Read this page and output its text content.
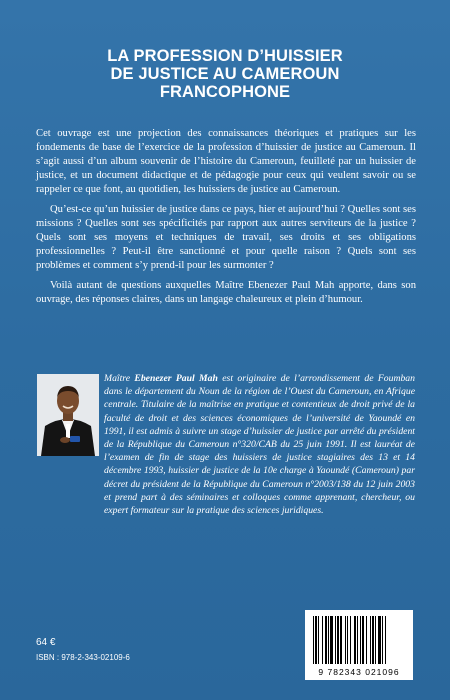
LA PROFESSION D’HUISSIER
DE JUSTICE AU CAMEROUN
FRANCOPHONE

Cet ouvrage est une projection des connaissances théoriques et pratiques sur les fondements de base de l’exercice de la profession d’huissier de justice au Cameroun. Il s’agit aussi d’un album souvenir de l’histoire du Cameroun, feuilleté par un huissier de justice, et un document didactique et de pédagogie pour ceux qui veulent savoir ou se rappeler ce que font, au quotidien, les huissiers de justice au Cameroun.

Qu’est-ce qu’un huissier de justice dans ce pays, hier et aujourd’hui ? Quelles sont ses missions ? Quelles sont ses spécificités par rapport aux autres serviteurs de la justice ? Quels sont ses moyens et techniques de travail, ses droits et ses obligations professionnelles ? Peut-il être sanctionné et pour quelle raison ? Quels sont ses problèmes et comment s’y prend-il pour les surmonter ?

Voilà autant de questions auxquelles Maître Ebenezer Paul Mah apporte, dans son ouvrage, des réponses claires, dans un langage chaleureux et plein d’humour.

Maître Ebenezer Paul Mah est originaire de l’arrondissement de Foumban dans le département du Noun de la région de l’Ouest du Cameroun, en Afrique centrale. Titulaire de la maîtrise en pratique et contentieux de droit privé de la faculté de droit et des sciences économiques de l’université de Yaoundé en 1991, il est admis à suivre un stage d’huissier de justice par arrêté du président de la République du Cameroun n°320/CAB du 25 juin 1991. Il est lauréat de l’examen de fin de stage des huissiers de justice stagiaires des 13 et 14 décembre 1993, huissier de justice de la 10e charge à Yaoundé (Cameroun) par décret du président de la République du Cameroun n°2003/138 du 12 juin 2003 et prend part à des séminaires et colloques comme apprenant, chercheur, ou expert formateur sur la pratique des sciences juridiques.
64 €
ISBN : 978-2-343-02109-6
9 782343 021096
